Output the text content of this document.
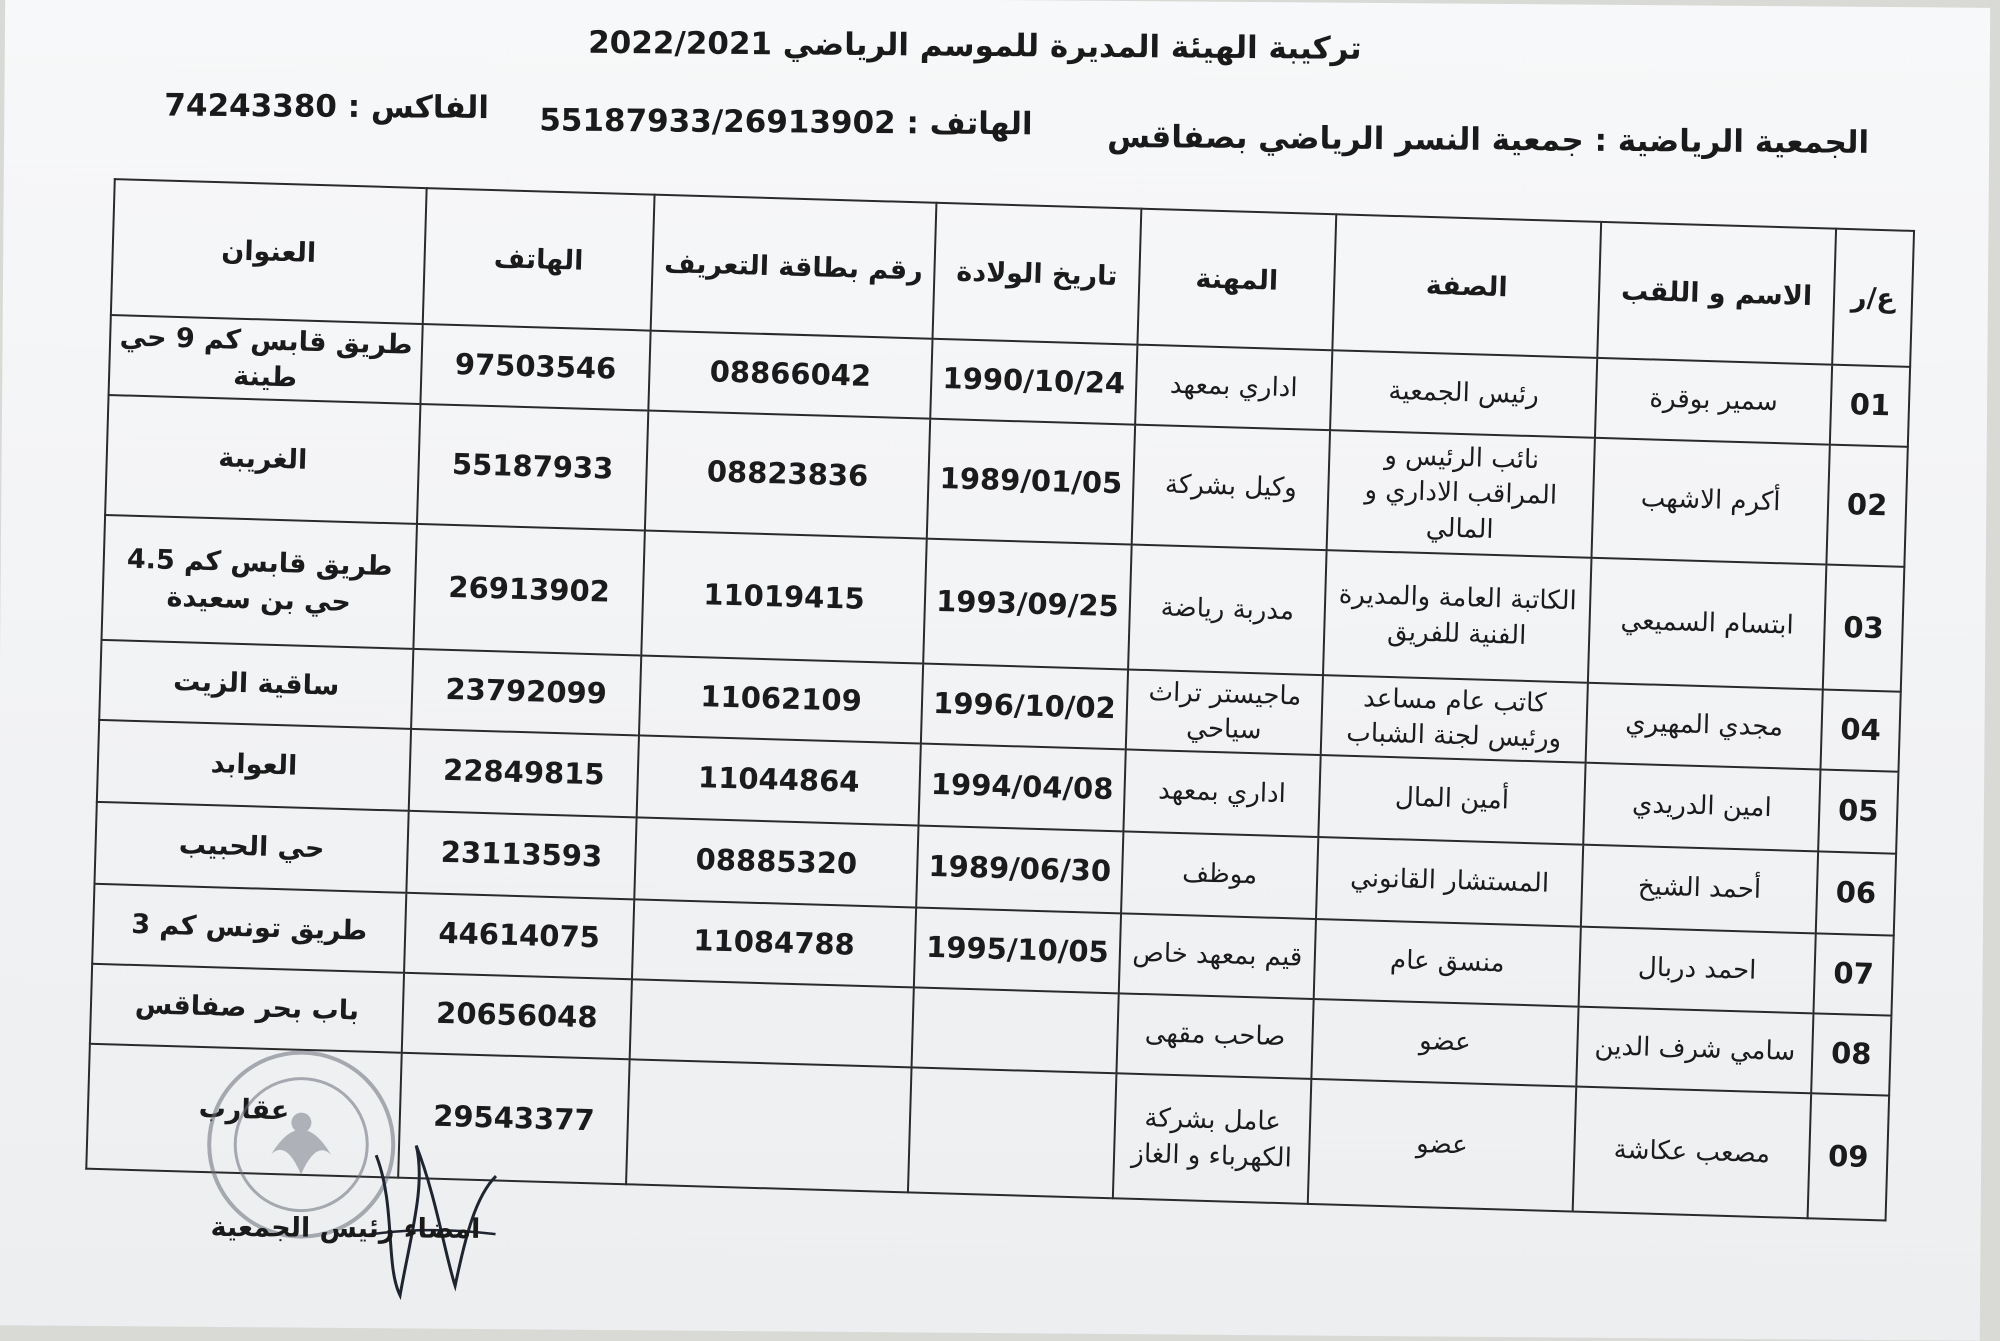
تركيبة الهيئة المديرة للموسم الرياضي 2022/2021
الجمعية الرياضية : جمعية النسر الرياضي بصفاقس
الهاتف : 55187933/26913902
الفاكس : 74243380
ع/ر	الاسم و اللقب	الصفة	المهنة	تاريخ الولادة	رقم بطاقة التعريف	الهاتف	العنوان
01	سمير بوقرة	رئيس الجمعية	اداري بمعهد	1990/10/24	08866042	97503546	طريق قابس كم 9 حي طينة
02	أكرم الاشهب	نائب الرئيس و المراقب الاداري و المالي	وكيل بشركة	1989/01/05	08823836	55187933	الغريبة
03	ابتسام السميعي	الكاتبة العامة والمديرة الفنية للفريق	مدربة رياضة	1993/09/25	11019415	26913902	طريق قابس كم 4.5 حي بن سعيدة
04	مجدي المهيري	كاتب عام مساعد ورئيس لجنة الشباب	ماجيستر تراث سياحي	1996/10/02	11062109	23792099	ساقية الزيت
05	امين الدريدي	أمين المال	اداري بمعهد	1994/04/08	11044864	22849815	العوابد
06	أحمد الشيخ	المستشار القانوني	موظف	1989/06/30	08885320	23113593	حي الحبيب
07	احمد دربال	منسق عام	قيم بمعهد خاص	1995/10/05	11084788	44614075	طريق تونس كم 3
08	سامي شرف الدين	عضو	صاحب مقهى			20656048	باب بحر صفاقس
09	مصعب عكاشة	عضو	عامل بشركة الكهرباء و الغاز			29543377	عقارب
امضاء رئيس الجمعية
